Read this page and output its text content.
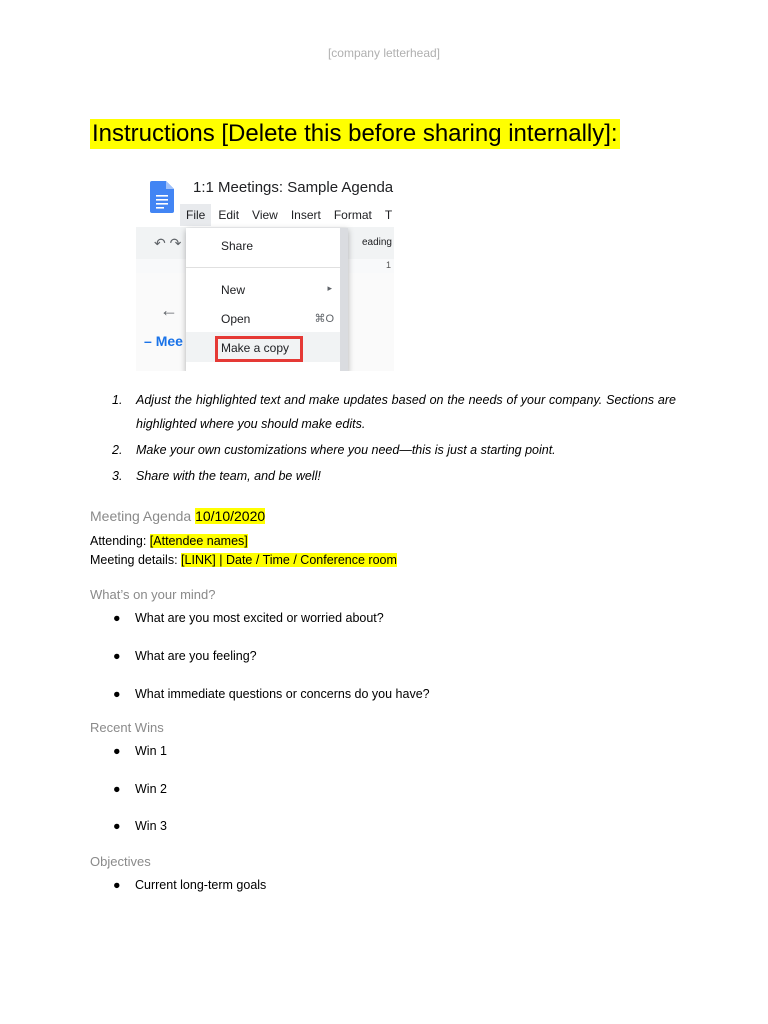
[company letterhead]
Instructions [Delete this before sharing internally]:
1:1 Meetings: Sample Agenda
File	Edit View Insert Format T
↶ ↷	eading
1
←
– Mee
Share
New	▸
Open	⌘O
Make a copy
1. Adjust the highlighted text and make updates based on the needs of your company. Sections are highlighted where you should make edits.
2. Make your own customizations where you need—this is just a starting point.
3. Share with the team, and be well!
Meeting Agenda 10/10/2020
Attending: [Attendee names]
Meeting details: [LINK] | Date / Time / Conference room
What’s on your mind?
● What are you most excited or worried about?
● What are you feeling?
● What immediate questions or concerns do you have?
Recent Wins
● Win 1
● Win 2
● Win 3
Objectives
● Current long-term goals
